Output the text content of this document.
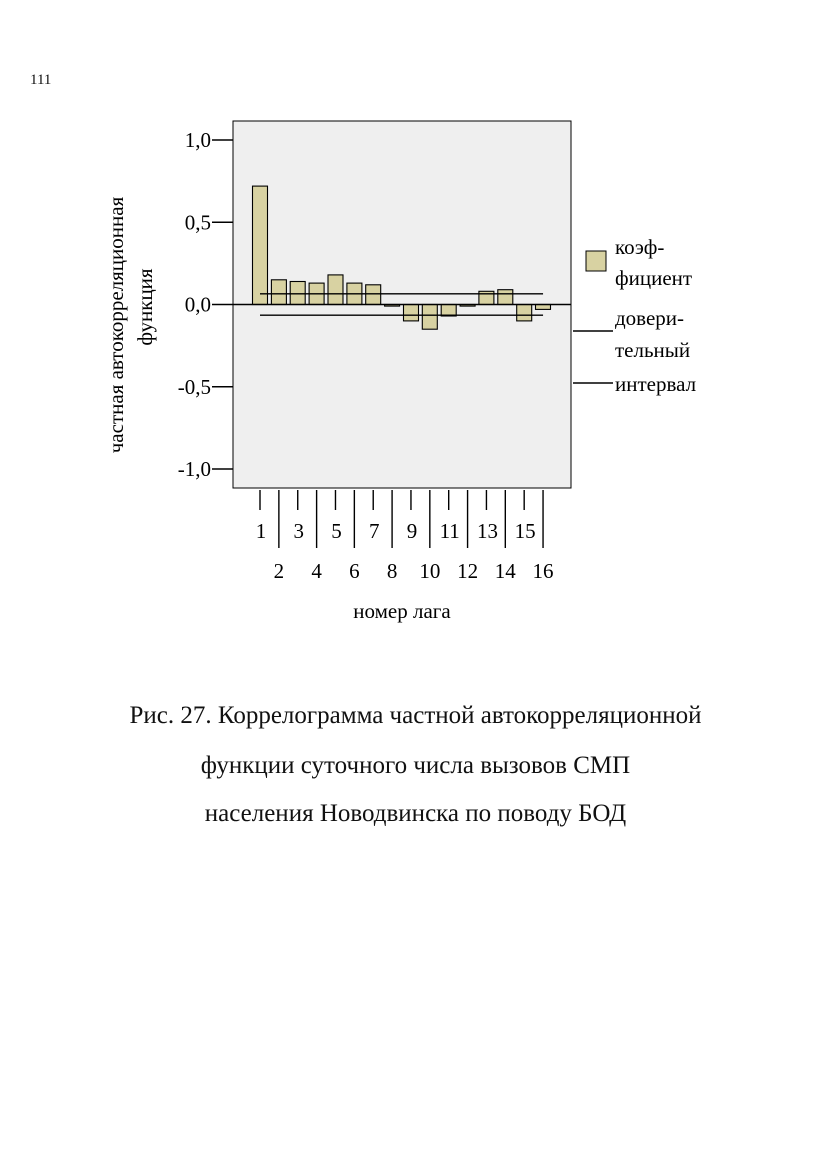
111
1,0
0,5
0,0
-0,5
-1,0
1
2
3
4
5
6
7
8
9
10
11
12
13
14
15
16
частная автокорреляционная функция
номер лага
коэф-
фициент
довери-
тельный
интервал
Рис. 27. Коррелограмма частной автокорреляционной
функции суточного числа вызовов СМП
населения Новодвинска по поводу БОД
